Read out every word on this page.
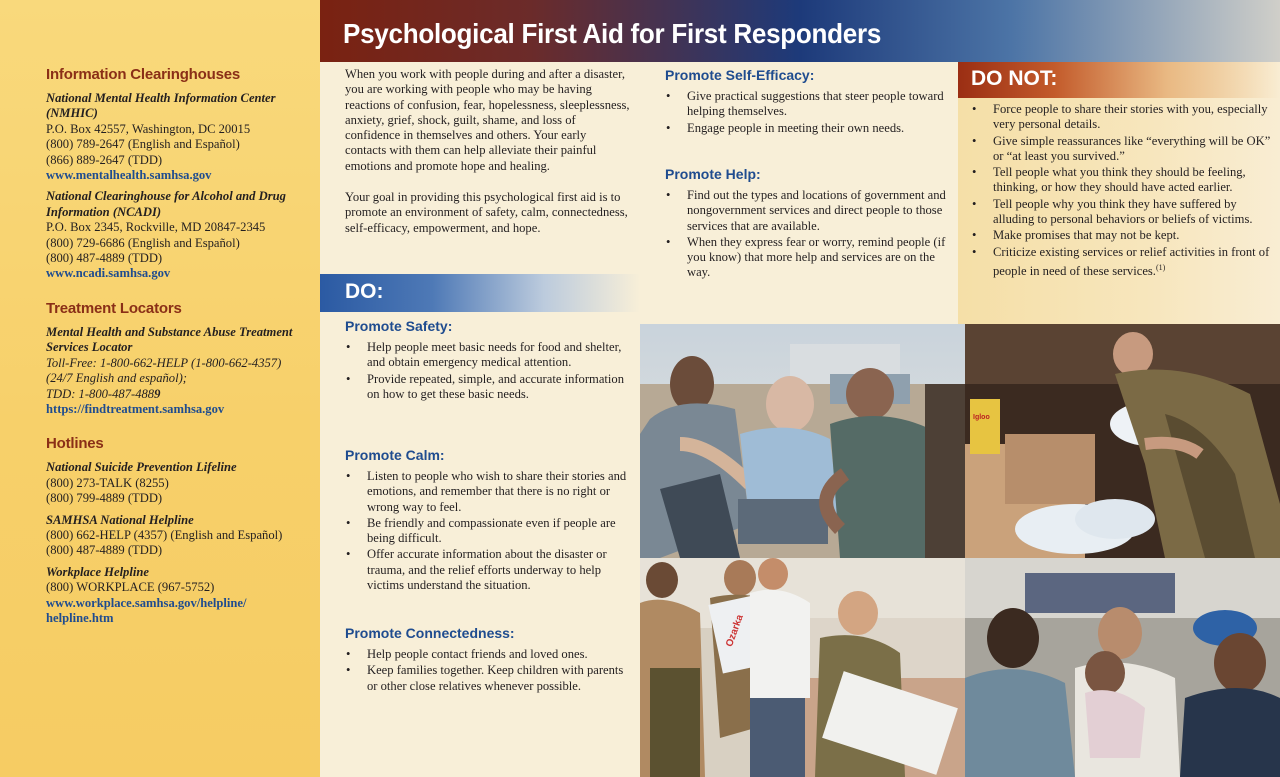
Information Clearinghouses
National Mental Health Information Center (NMHIC)
P.O. Box 42557, Washington, DC 20015
(800) 789-2647 (English and Español)
(866) 889-2647 (TDD)
www.mentalhealth.samhsa.gov
National Clearinghouse for Alcohol and Drug Information (NCADI)
P.O. Box 2345, Rockville, MD 20847-2345
(800) 729-6686 (English and Español)
(800) 487-4889 (TDD)
www.ncadi.samhsa.gov
Treatment Locators
Mental Health and Substance Abuse Treatment Services Locator
Toll-Free: 1-800-662-HELP (1-800-662-4357)
(24/7 English and español);
TDD: 1-800-487-4889
https://findtreatment.samhsa.gov
Hotlines
National Suicide Prevention Lifeline
(800) 273-TALK (8255)
(800) 799-4889 (TDD)
SAMHSA National Helpline
(800) 662-HELP (4357) (English and Español)
(800) 487-4889 (TDD)
Workplace Helpline
(800) WORKPLACE (967-5752)
www.workplace.samhsa.gov/helpline/ helpline.htm
Psychological First Aid for First Responders

When you work with people during and after a disaster, you are working with people who may be having reactions of confusion, fear, hopelessness, sleeplessness, anxiety, grief, shock, guilt, shame, and loss of confidence in themselves and others. Your early contacts with them can help alleviate their painful emotions and promote hope and healing.

Your goal in providing this psychological first aid is to promote an environment of safety, calm, connectedness, self-efficacy, empowerment, and hope.

DO:
Promote Safety:
• Help people meet basic needs for food and shelter, and obtain emergency medical attention.
• Provide repeated, simple, and accurate information on how to get these basic needs.
Promote Calm:
• Listen to people who wish to share their stories and emotions, and remember that there is no right or wrong way to feel.
• Be friendly and compassionate even if people are being difficult.
• Offer accurate information about the disaster or trauma, and the relief efforts underway to help victims understand the situation.
Promote Connectedness:
• Help people contact friends and loved ones.
• Keep families together. Keep children with parents or other close relatives whenever possible.
Promote Self-Efficacy:
• Give practical suggestions that steer people toward helping themselves.
• Engage people in meeting their own needs.
Promote Help:
• Find out the types and locations of government and nongovernment services and direct people to those services that are available.
• When they express fear or worry, remind people (if you know) that more help and services are on the way.
DO NOT:
• Force people to share their stories with you, especially very personal details.
• Give simple reassurances like “everything will be OK” or “at least you survived.”
• Tell people what you think they should be feeling, thinking, or how they should have acted earlier.
• Tell people why you think they have suffered by alluding to personal behaviors or beliefs of victims.
• Make promises that may not be kept.
• Criticize existing services or relief activities in front of people in need of these services.$^{(1)}$
Igloo
Ozarka
